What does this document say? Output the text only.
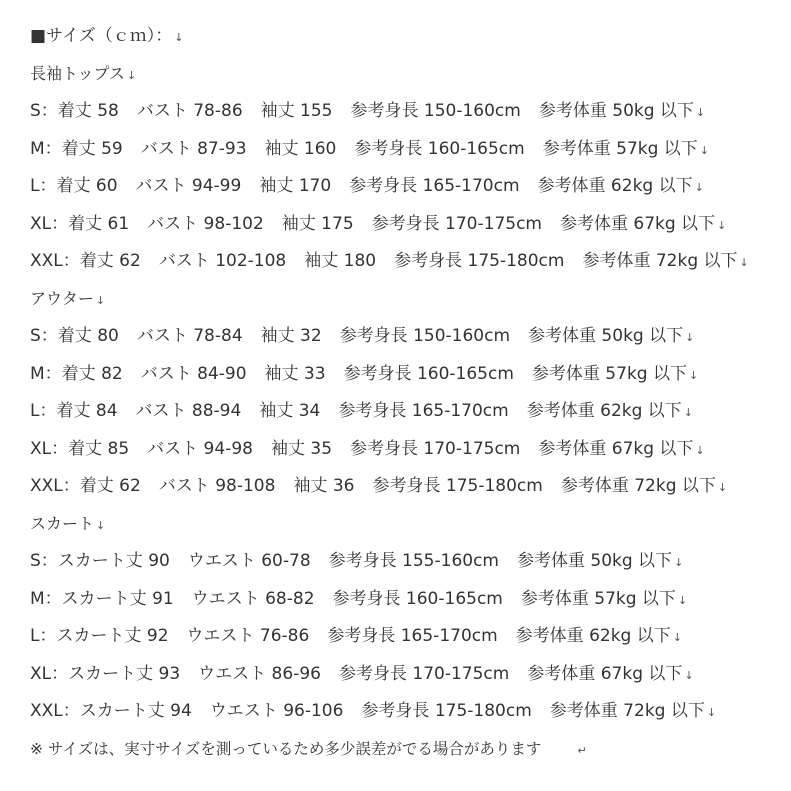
■サイズ（ｃｍ）： ↓
長袖トップス ↓
S：着丈 58 バスト 78-86 袖丈 155 参考身長 150-160cm 参考体重 50kg 以下 ↓
M：着丈 59 バスト 87-93 袖丈 160 参考身長 160-165cm 参考体重 57kg 以下 ↓
L：着丈 60 バスト 94-99 袖丈 170 参考身長 165-170cm 参考体重 62kg 以下 ↓
XL：着丈 61 バスト 98-102 袖丈 175 参考身長 170-175cm 参考体重 67kg 以下 ↓
XXL：着丈 62 バスト 102-108 袖丈 180 参考身長 175-180cm 参考体重 72kg 以下 ↓
アウター ↓
S：着丈 80 バスト 78-84 袖丈 32 参考身長 150-160cm 参考体重 50kg 以下 ↓
M：着丈 82 バスト 84-90 袖丈 33 参考身長 160-165cm 参考体重 57kg 以下 ↓
L：着丈 84 バスト 88-94 袖丈 34 参考身長 165-170cm 参考体重 62kg 以下 ↓
XL：着丈 85 バスト 94-98 袖丈 35 参考身長 170-175cm 参考体重 67kg 以下 ↓
XXL：着丈 62 バスト 98-108 袖丈 36 参考身長 175-180cm 参考体重 72kg 以下 ↓
スカート ↓
S：スカート丈 90 ウエスト 60-78 参考身長 155-160cm 参考体重 50kg 以下 ↓
M：スカート丈 91 ウエスト 68-82 参考身長 160-165cm 参考体重 57kg 以下 ↓
L：スカート丈 92 ウエスト 76-86 参考身長 165-170cm 参考体重 62kg 以下 ↓
XL：スカート丈 93 ウエスト 86-96 参考身長 170-175cm 参考体重 67kg 以下 ↓
XXL：スカート丈 94 ウエスト 96-106 参考身長 175-180cm 参考体重 72kg 以下 ↓
※ サイズは、実寸サイズを測っているため多少誤差がでる場合があります	↵
